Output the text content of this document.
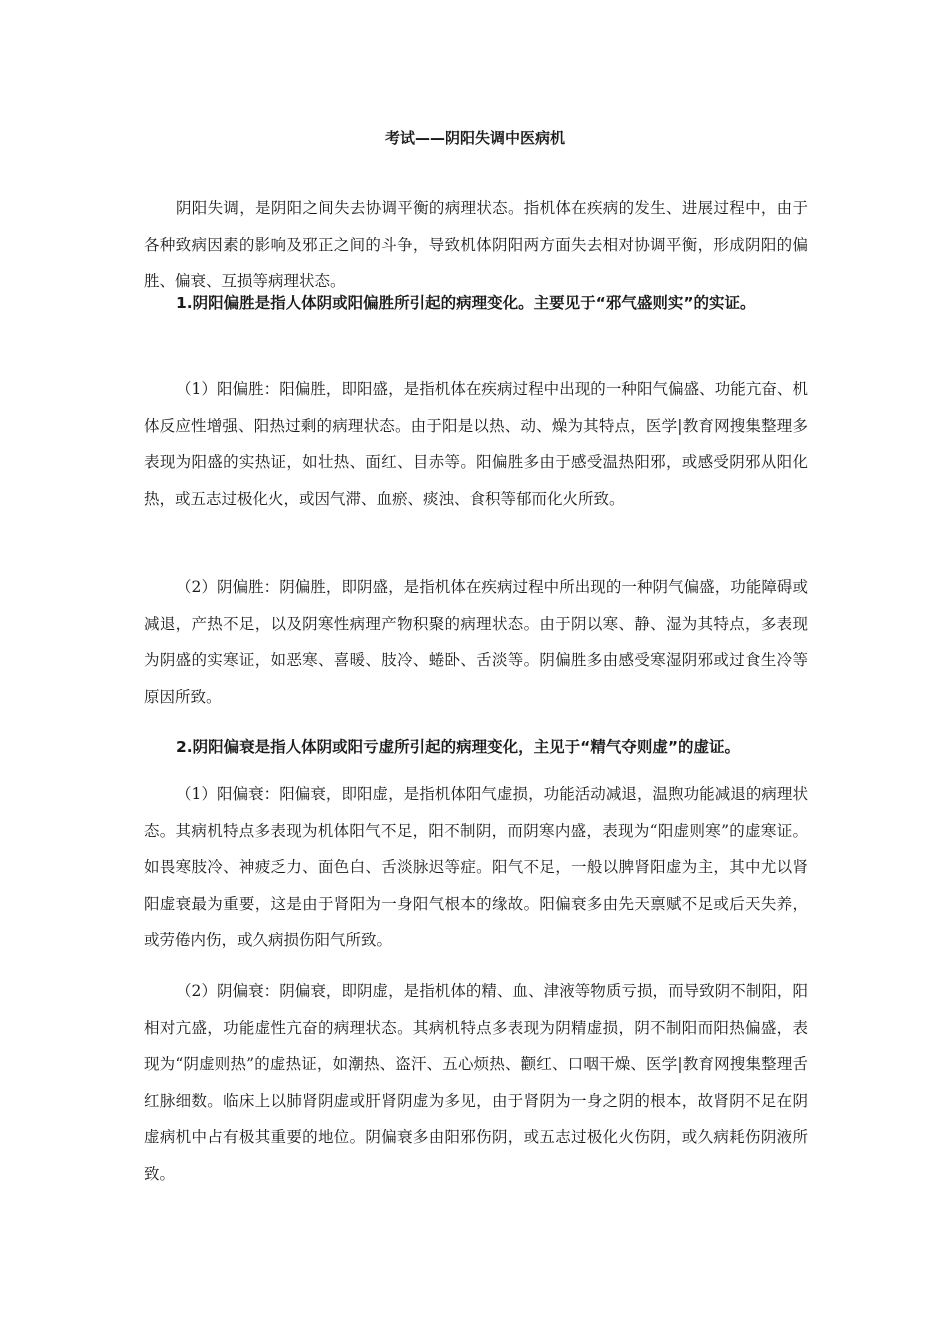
考试——阴阳失调中医病机

阴阳失调，是阴阳之间失去协调平衡的病理状态。指机体在疾病的发生、进展过程中，由于各种致病因素的影响及邪正之间的斗争，导致机体阴阳两方面失去相对协调平衡，形成阴阳的偏胜、偏衰、互损等病理状态。

1.阴阳偏胜是指人体阴或阳偏胜所引起的病理变化。主要见于“邪气盛则实”的实证。

（1）阳偏胜：阳偏胜，即阳盛，是指机体在疾病过程中出现的一种阳气偏盛、功能亢奋、机体反应性增强、阳热过剩的病理状态。由于阳是以热、动、燥为其特点，医学|教育网搜集整理多表现为阳盛的实热证，如壮热、面红、目赤等。阳偏胜多由于感受温热阳邪，或感受阴邪从阳化热，或五志过极化火，或因气滞、血瘀、痰浊、食积等郁而化火所致。

（2）阴偏胜：阴偏胜，即阴盛，是指机体在疾病过程中所出现的一种阴气偏盛，功能障碍或减退，产热不足，以及阴寒性病理产物积聚的病理状态。由于阴以寒、静、湿为其特点，多表现为阴盛的实寒证，如恶寒、喜暖、肢冷、蜷卧、舌淡等。阴偏胜多由感受寒湿阴邪或过食生冷等原因所致。

2.阴阳偏衰是指人体阴或阳亏虚所引起的病理变化，主见于“精气夺则虚”的虚证。

（1）阳偏衰：阳偏衰，即阳虚，是指机体阳气虚损，功能活动减退，温煦功能减退的病理状态。其病机特点多表现为机体阳气不足，阳不制阴，而阴寒内盛，表现为“阳虚则寒”的虚寒证。如畏寒肢冷、神疲乏力、面色白、舌淡脉迟等症。阳气不足，一般以脾肾阳虚为主，其中尤以肾阳虚衰最为重要，这是由于肾阳为一身阳气根本的缘故。阳偏衰多由先天禀赋不足或后天失养，或劳倦内伤，或久病损伤阳气所致。

（2）阴偏衰：阴偏衰，即阴虚，是指机体的精、血、津液等物质亏损，而导致阴不制阳，阳相对亢盛，功能虚性亢奋的病理状态。其病机特点多表现为阴精虚损，阴不制阳而阳热偏盛，表现为“阴虚则热”的虚热证，如潮热、盗汗、五心烦热、颧红、口咽干燥、医学|教育网搜集整理舌红脉细数。临床上以肺肾阴虚或肝肾阴虚为多见，由于肾阴为一身之阴的根本，故肾阴不足在阴虚病机中占有极其重要的地位。阴偏衰多由阳邪伤阴，或五志过极化火伤阴，或久病耗伤阴液所致。
